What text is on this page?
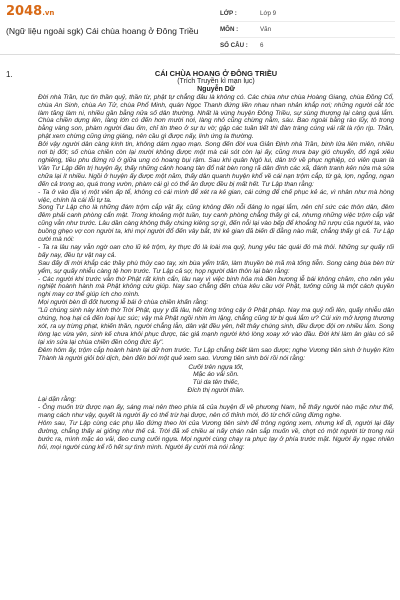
2048.vn
(Ngữ liệu ngoài sgk) Cái chùa hoang ở Đông Triều
LỚP :	Lớp 9
MÔN :	Văn
SỐ CÂU :	6
1.	CÁI CHÙA HOANG Ở ĐÔNG TRIỀU

(Trích Truyền kì mạn lục)

Nguyễn Dữ

Đời nhà Trần, tục tin thần quỷ, thần từ, phật tự chẳng đâu là không có. Các chùa như chùa Hoàng Giang, chùa Đồng Cổ, chùa An Sinh, chùa An Tử, chùa Phổ Minh, quán Ngọc Thanh đứng liền nhau nhan nhản khắp nơi; những người cắt tóc làm tăng làm ni, nhiều gần bằng nửa số dân thường. Nhất là vùng huyện Đông Triều, sự sùng thượng lại càng quá lắm. Chùa chiền dựng lên, làng lớn có đến hơn mười nơi, làng nhỏ cũng chừng năm, sáu. Bao ngoài bằng rào lũy, tô trong bằng vàng son, phàm người đau ốm, chỉ tin theo ở sự tu vờ; gặp các tuần tiết thì đàn tràng cúng vái rất là rộn rịp. Thần, phật xem chừng cũng ứng giáng, nên cầu gì được nấy, linh ứng la thường.

Bởi vậy người dân càng kính tin, không dám ngạo mạn. Song đến đời vua Giản Định nhà Trần, binh lửa liên miên, nhiều nơi bị đốt; số chùa chiền còn lại mười không được một mà cái sót còn lại ấy, cũng mưa bay gió chuyển, đổ ngả xiêu nghiêng, tiều phu đứng rủ ở giữa ung có hoang bụi rậm. Sau khi quân Ngô lui, dân trở về phục nghiệp, có viên quan là Văn Tư Lập đến trị huyện ấy, thấy những cảnh hoang tàn đổ nát bèn rong rã dân đình các xã, đánh tranh kẻn nửa mà sửa chữa lại ít nhiều. Ngồi ở huyện ấy được một năm, thấy dân quanh huyện khổ về cái nạn trộm cắp, từ gà, lợn, ngỗng, ngan đến cả trong ao, quá trong vườn, phàm cái gì có thể ăn được đều bị mất hết. Tư Lập than rằng:

- Ta ở vào địa vị một viên ấp tể, không có cái mình để xét ra kẻ gian, cái cứng để chế phục kẻ ác, vì nhân như mà hòng việc, chính là cái lỗi tự ta.

Song Tư Lập cho là những đám trộm cắp vặt ấy, cũng không đến nỗi đáng lo ngại lắm, nên chỉ sức các thôn dân, đêm đêm phải canh phòng cẩn mật. Trong khoảng một tuần, tuy canh phòng chẳng thấy gì cả, nhưng những việc trộm cắp vặt cũng vẫn như trước. Lâu dần càng không thấy chúng kiêng sợ gì, đến nỗi lại vào bếp để khoắng hũ rượu của người ta, vào buồng ghẹo vợ con người ta, khi mọi người đổ đến vây bắt, thì kẻ gian đã biến đi đằng nào mất, chẳng thấy gì cả. Tư Lập cười mà nói:

- Ta ra lâu nay vẫn ngờ oan cho lũ kẻ trộm, ky thực đó là loài ma quỷ, hung yêu tác quái đó mà thôi. Những sự quấy rối bấy nay, đều tự vật nay cả.

Sau đấy đi mời khắp các thầy phù thủy cao tay, xin bùa yểm trấn, làm thuyền bè mã mà tống tiễn. Song càng bùa bèn trừ yểm, sự quấy nhiễu càng tệ hơn trước. Tư Lập cả sợ, họp người dân thôn lại bàn rằng:

- Các người khi trước vẫn thờ Phật rất kính cẩn, lâu nay vì việc binh hỏa mà đèn hương lễ bái không chăm, cho nên yêu nghiệt hoành hành mà Phật không cứu giúp. Nay sao chẳng đến chùa kêu cầu với Phật, tưởng cũng là một cách quyền nghi may cơ thể giúp ích cho mình.

Mọi người bèn đi đốt hương lễ bái ở chùa chiền khấn rằng:

"Lũ chúng sinh này kính thờ Trời Phật, quy y đã lâu, hết lòng trông cậy ở Phật pháp. Nay ma quỷ nổi lên, quấy nhiễu dân chúng, hoạ hại cả đến loại lục súc; vậy mà Phật ngồi nhìn im lặng, chẳng cũng từ bi quá lắm ư? Cúi xin mở lượng thương xót, ra uy trừng phạt, khiến thần, người chẳng lẫn, dân vật đều yên, hết thảy chúng sinh, đều được đội ơn nhiều lắm. Song lòng lạc vừa yên, sinh kế chưa khôi phục được, tác giả mạnh người khó lòng xoay xở vào đầu. Đời khi làm ân giàu có sẽ lại xin sửa lại chùa chiền đền công đức ấy".

Đêm hôm ấy, trộm cắp hoành hành lại dữ hơn trước. Tư Lập chẳng biết làm sao được; nghe Vương tiên sinh ở huyện Kim Thành là người giỏi bói dịch, bèn đến bói một quẻ xem sao. Vương tiên sinh bói rồi nói rằng:

Cưỡi trên ngựa tốt,
Mặc áo vải sồn.
Tùi da tên thiếc,
Đích thị người thần.

Lại dặn rằng:

- Ông muốn trừ được nạn ấy, sáng mai nên theo phía tả của huyện đi về phương Nam, hễ thấy người nào mặc như thế, mang cách như vậy, quyết là người ấy có thể trừ hại được, nên cố thỉnh mời, đó từ chối cũng đừng nghe.

Hôm sau, Tư Lập cùng các phụ lão đứng theo lời của Vương tiên sinh để trông ngóng xem, nhưng kể đi, người lại đây đường, chẳng thấy ai giống như thế cả. Trời đã xế chiều ai nấy chán nản sắp muốn về, chợt có một người từ trong núi bước ra, mình mặc áo vải, đeo cung cưỡi ngựa. Mọi người cùng chạy ra phục lạy ở phía trước mặt. Người ấy ngạc nhiên hỏi, mọi người cùng kể rõ hết sự tình mình. Người ấy cười mà nói rằng:
